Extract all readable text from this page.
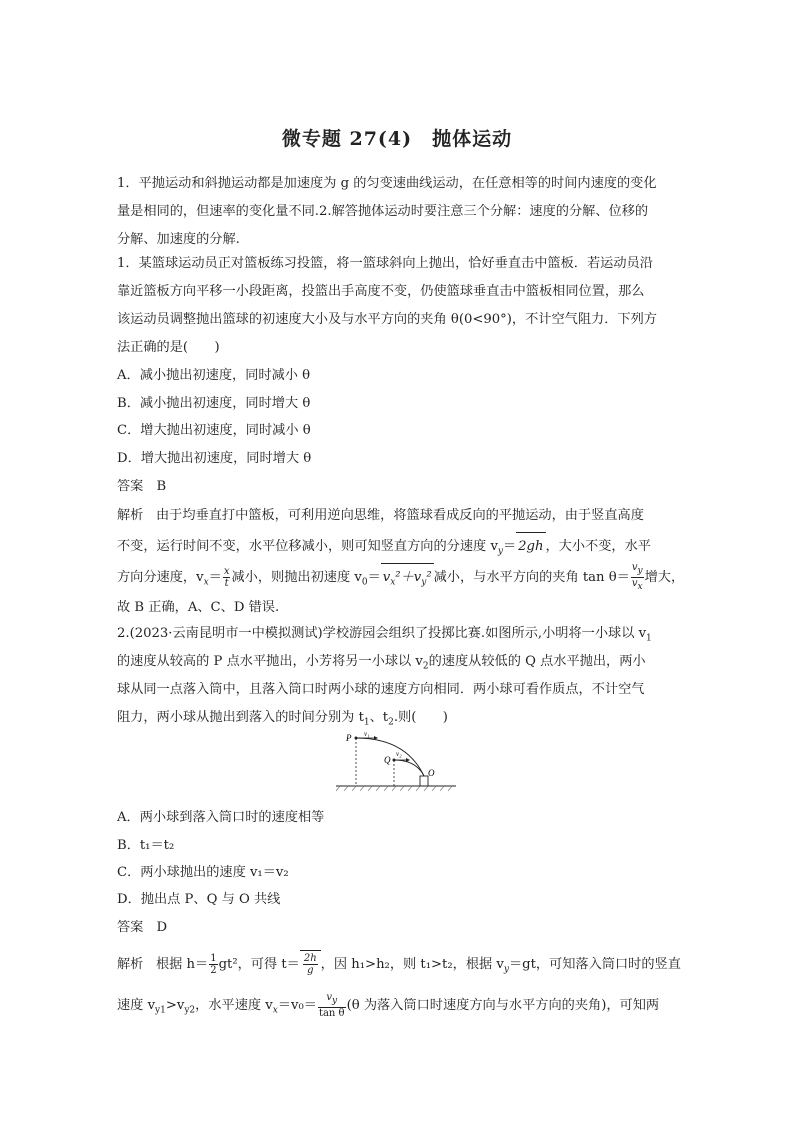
微专题 27(4)　抛体运动
1．平抛运动和斜抛运动都是加速度为 g 的匀变速曲线运动，在任意相等的时间内速度的变化
量是相同的，但速率的变化量不同.2.解答抛体运动时要注意三个分解：速度的分解、位移的
分解、加速度的分解.
1．某篮球运动员正对篮板练习投篮，将一篮球斜向上抛出，恰好垂直击中篮板．若运动员沿
靠近篮板方向平移一小段距离，投篮出手高度不变，仍使篮球垂直击中篮板相同位置，那么
该运动员调整抛出篮球的初速度大小及与水平方向的夹角 θ(0<90°)，不计空气阻力．下列方
法正确的是(　　)
A．减小抛出初速度，同时减小 θ
B．减小抛出初速度，同时增大 θ
C．增大抛出初速度，同时减小 θ
D．增大抛出初速度，同时增大 θ
答案　B
解析 由于均垂直打中篮板，可利用逆向思维，将篮球看成反向的平抛运动，由于竖直高度
不变，运行时间不变，水平位移减小，则可知竖直方向的分速度 $v_y= 2gh$ ，大小不变，水平
方向分速度，$v_x= \frac{x}{t}$ 减小，则抛出初速度 $v_0= v_x^2+v_y^2$ 减小，与水平方向的夹角 $\tan \theta= \frac{v_y}{v_x}$ 增大，
故 B 正确，A、C、D 错误.
2.(2023·云南昆明市一中模拟测试)学校游园会组织了投掷比赛.如图所示,小明将一小球以 $v_1$
的速度从较高的 P 点水平抛出，小芳将另一小球以 $v_2$的速度从较低的 Q 点水平抛出，两小
球从同一点落入筒中，且落入筒口时两小球的速度方向相同．两小球可看作质点，不计空气
阻力，两小球从抛出到落入的时间分别为 $t_1$、$t_2$.则(　　)
P v₁
Q
v₂
O
A．两小球到落入筒口时的速度相等
B．t₁＝t₂
C．两小球抛出的速度 v₁＝v₂
D．抛出点 P、Q 与 O 共线
答案　D
解析 根据 $h= \frac{1}{2} gt^2$，可得 $t= \frac{2h}{g}$ ，因 h₁>h₂，则 t₁>t₂，根据 $v_y=gt$，可知落入筒口时的竖直
速度 $v_{y1}>v_{y2}$，水平速度 $v_x=v_0= \frac{v_y}{\text{tan θ}} (\theta$ 为落入筒口时速度方向与水平方向的夹角)，可知两
